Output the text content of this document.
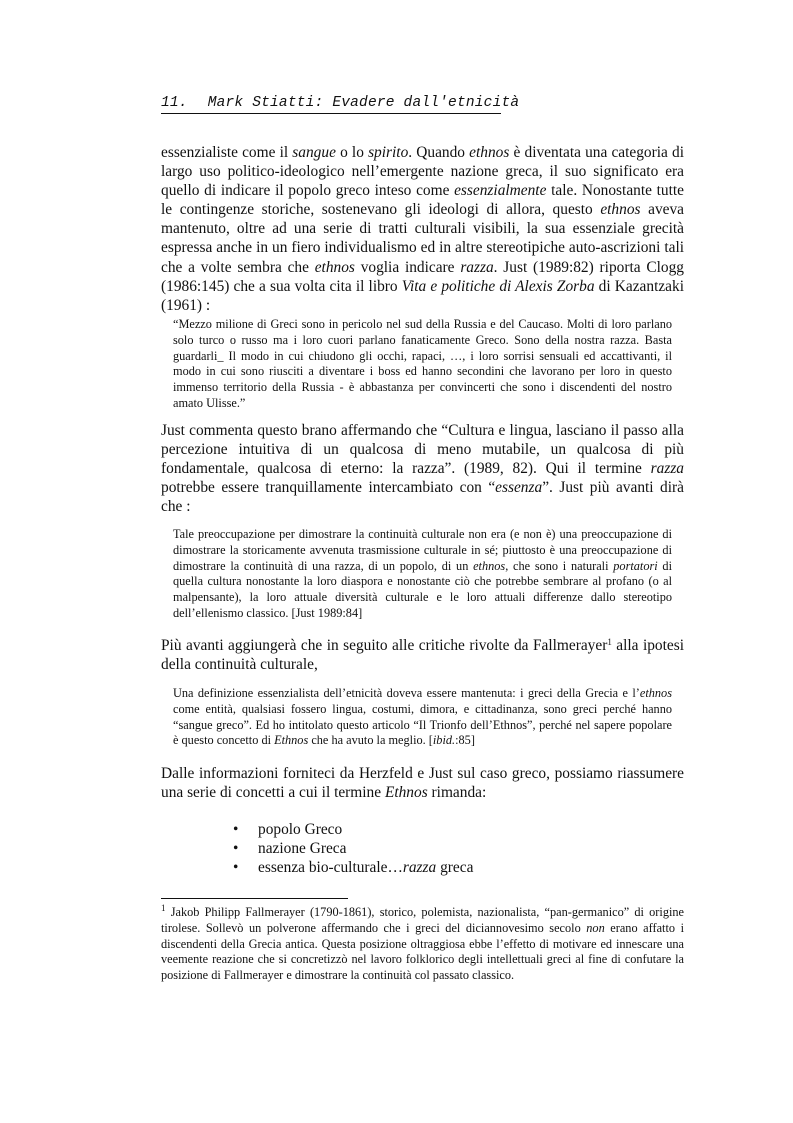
11. Mark Stiatti: Evadere dall'etnicità

essenzialiste come il sangue o lo spirito. Quando ethnos è diventata una categoria di largo uso politico-ideologico nell’emergente nazione greca, il suo significato era quello di indicare il popolo greco inteso come essenzialmente tale. Nonostante tutte le contingenze storiche, sostenevano gli ideologi di allora, questo ethnos aveva mantenuto, oltre ad una serie di tratti culturali visibili, la sua essenziale grecità espressa anche in un fiero individualismo ed in altre stereotipiche auto-ascrizioni tali che a volte sembra che ethnos voglia indicare razza. Just (1989:82) riporta Clogg (1986:145) che a sua volta cita il libro Vita e politiche di Alexis Zorba di Kazantzaki (1961) :

“Mezzo milione di Greci sono in pericolo nel sud della Russia e del Caucaso. Molti di loro parlano solo turco o russo ma i loro cuori parlano fanaticamente Greco. Sono della nostra razza. Basta guardarli_ Il modo in cui chiudono gli occhi, rapaci, …, i loro sorrisi sensuali ed accattivanti, il modo in cui sono riusciti a diventare i boss ed hanno secondini che lavorano per loro in questo immenso territorio della Russia - è abbastanza per convincerti che sono i discendenti del nostro amato Ulisse.”

Just commenta questo brano affermando che “Cultura e lingua, lasciano il passo alla percezione intuitiva di un qualcosa di meno mutabile, un qualcosa di più fondamentale, qualcosa di eterno: la razza”. (1989, 82). Qui il termine razza potrebbe essere tranquillamente intercambiato con “essenza”. Just più avanti dirà che :

Tale preoccupazione per dimostrare la continuità culturale non era (e non è) una preoccupazione di dimostrare la storicamente avvenuta trasmissione culturale in sé; piuttosto è una preoccupazione di dimostrare la continuità di una razza, di un popolo, di un ethnos, che sono i naturali portatori di quella cultura nonostante la loro diaspora e nonostante ciò che potrebbe sembrare al profano (o al malpensante), la loro attuale diversità culturale e le loro attuali differenze dallo stereotipo dell’ellenismo classico. [Just 1989:84]

Più avanti aggiungerà che in seguito alle critiche rivolte da Fallmerayer$^1$ alla ipotesi della continuità culturale,

Una definizione essenzialista dell’etnicità doveva essere mantenuta: i greci della Grecia e l’ethnos come entità, qualsiasi fossero lingua, costumi, dimora, e cittadinanza, sono greci perché hanno “sangue greco”. Ed ho intitolato questo articolo “Il Trionfo dell’Ethnos”, perché nel sapere popolare è questo concetto di Ethnos che ha avuto la meglio. [ibid.:85]

Dalle informazioni forniteci da Herzfeld e Just sul caso greco, possiamo riassumere una serie di concetti a cui il termine Ethnos rimanda:

• popolo Greco
• nazione Greca
• essenza bio-culturale…razza greca

$^1$ Jakob Philipp Fallmerayer (1790-1861), storico, polemista, nazionalista, “pan-germanico” di origine tirolese. Sollevò un polverone affermando che i greci del diciannovesimo secolo non erano affatto i discendenti della Grecia antica. Questa posizione oltraggiosa ebbe l’effetto di motivare ed innescare una veemente reazione che si concretizzò nel lavoro folklorico degli intellettuali greci al fine di confutare la posizione di Fallmerayer e dimostrare la continuità col passato classico.
